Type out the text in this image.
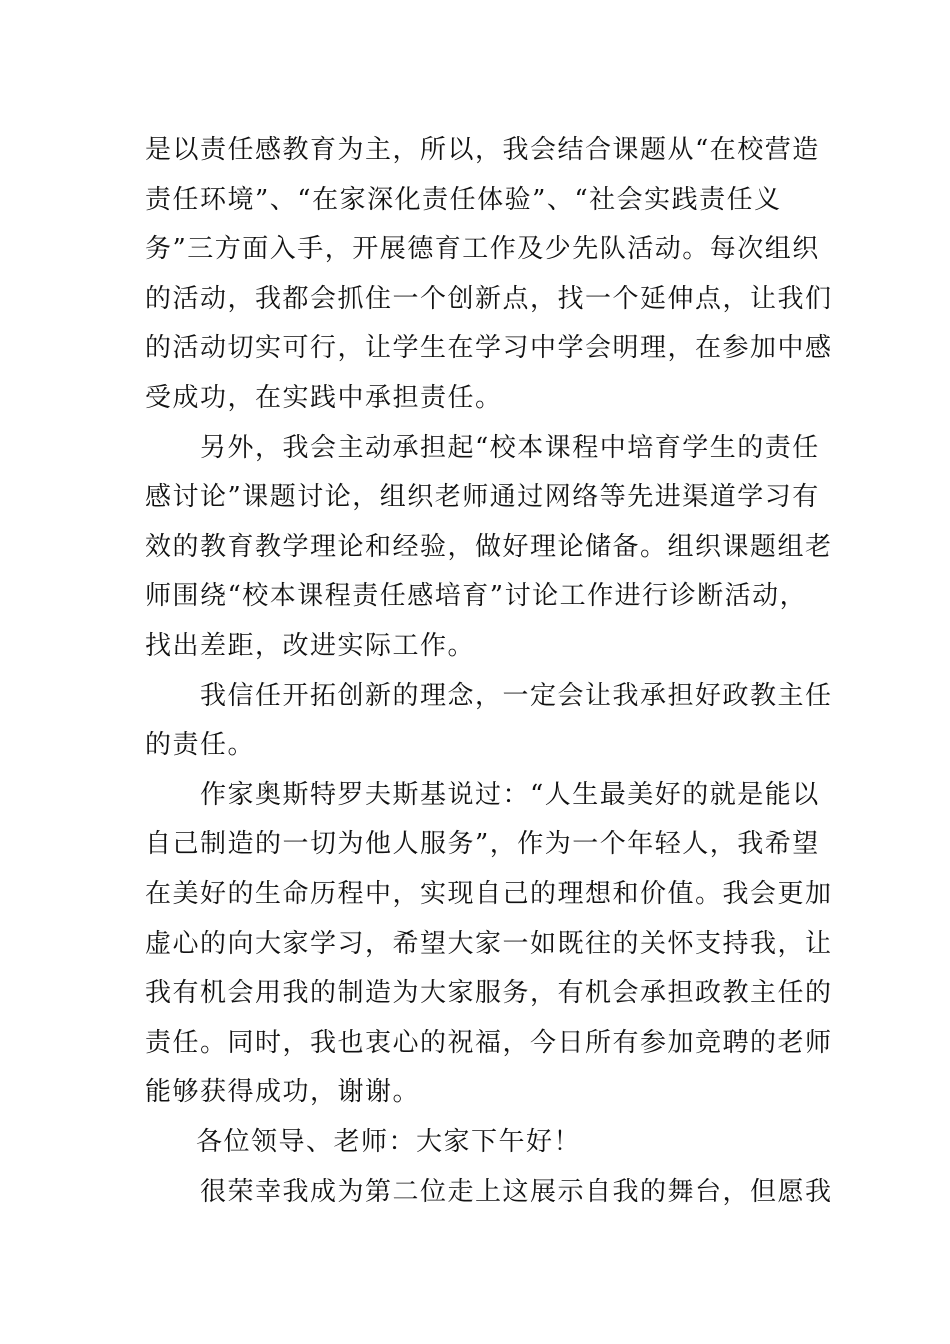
是以责任感教育为主，所以，我会结合课题从“在校营造
责任环境”、“在家深化责任体验”、“社会实践责任义
务”三方面入手，开展德育工作及少先队活动。每次组织
的活动，我都会抓住一个创新点，找一个延伸点，让我们
的活动切实可行，让学生在学习中学会明理，在参加中感
受成功，在实践中承担责任。
另外，我会主动承担起“校本课程中培育学生的责任
感讨论”课题讨论，组织老师通过网络等先进渠道学习有
效的教育教学理论和经验，做好理论储备。组织课题组老
师围绕“校本课程责任感培育”讨论工作进行诊断活动，
找出差距，改进实际工作。
我信任开拓创新的理念，一定会让我承担好政教主任
的责任。
作家奥斯特罗夫斯基说过：“人生最美好的就是能以
自己制造的一切为他人服务”，作为一个年轻人，我希望
在美好的生命历程中，实现自己的理想和价值。我会更加
虚心的向大家学习，希望大家一如既往的关怀支持我，让
我有机会用我的制造为大家服务，有机会承担政教主任的
责任。同时，我也衷心的祝福，今日所有参加竞聘的老师
能够获得成功，谢谢。
各位领导、老师：大家下午好！
很荣幸我成为第二位走上这展示自我的舞台，但愿我
